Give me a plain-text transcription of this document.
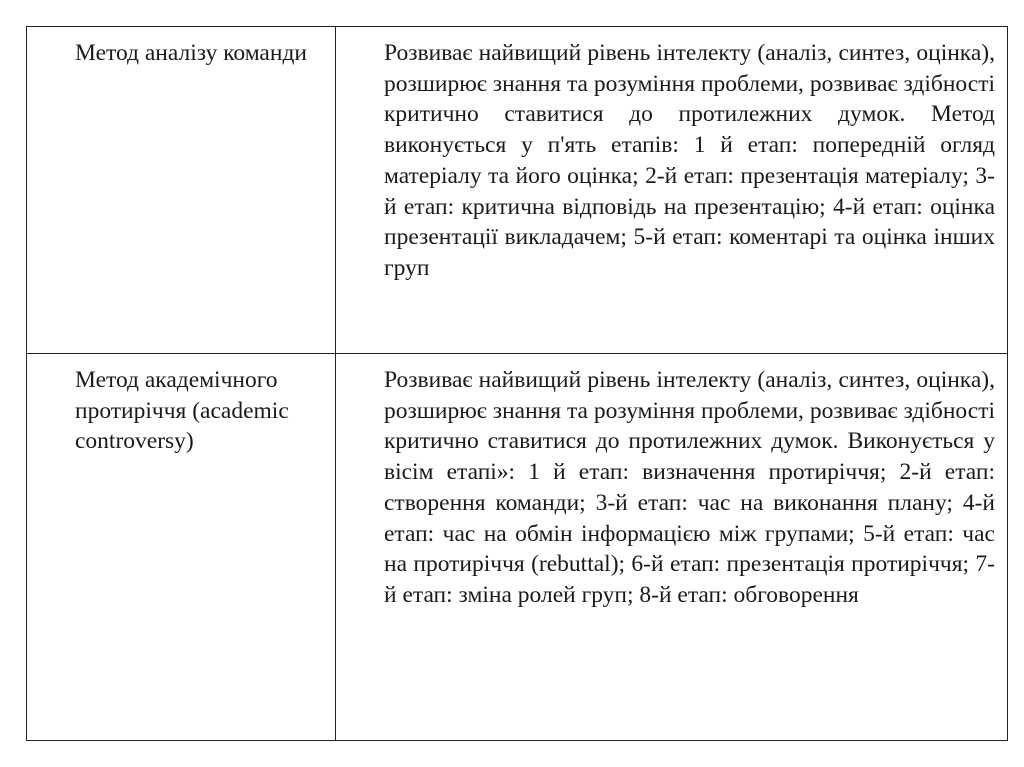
Метод аналізу команди	Розвиває найвищий рівень інтелекту (аналіз, синтез, оцінка), розширює знання та розуміння проблеми, розвиває здібності критично ставитися до протилежних думок. Метод виконується у п'ять етапів: 1 й етап: попередній огляд матеріалу та його оцінка; 2-й етап: презентація матеріалу; 3-й етап: критична відповідь на презентацію; 4-й етап: оцінка презентації викладачем; 5-й етап: коментарі та оцінка інших груп

Метод академічного протиріччя (academic controversy)	Розвиває найвищий рівень інтелекту (аналіз, синтез, оцінка), розширює знання та розуміння проблеми, розвиває здібності критично ставитися до протилежних думок. Виконується у вісім етапі»: 1 й етап: визначення протиріччя; 2-й етап: створення команди; 3-й етап: час на виконання плану; 4-й етап: час на обмін інформацією між групами; 5-й етап: час на протиріччя (rebuttal); 6-й етап: презентація протиріччя; 7-й етап: зміна ролей груп; 8-й етап: обговорення
